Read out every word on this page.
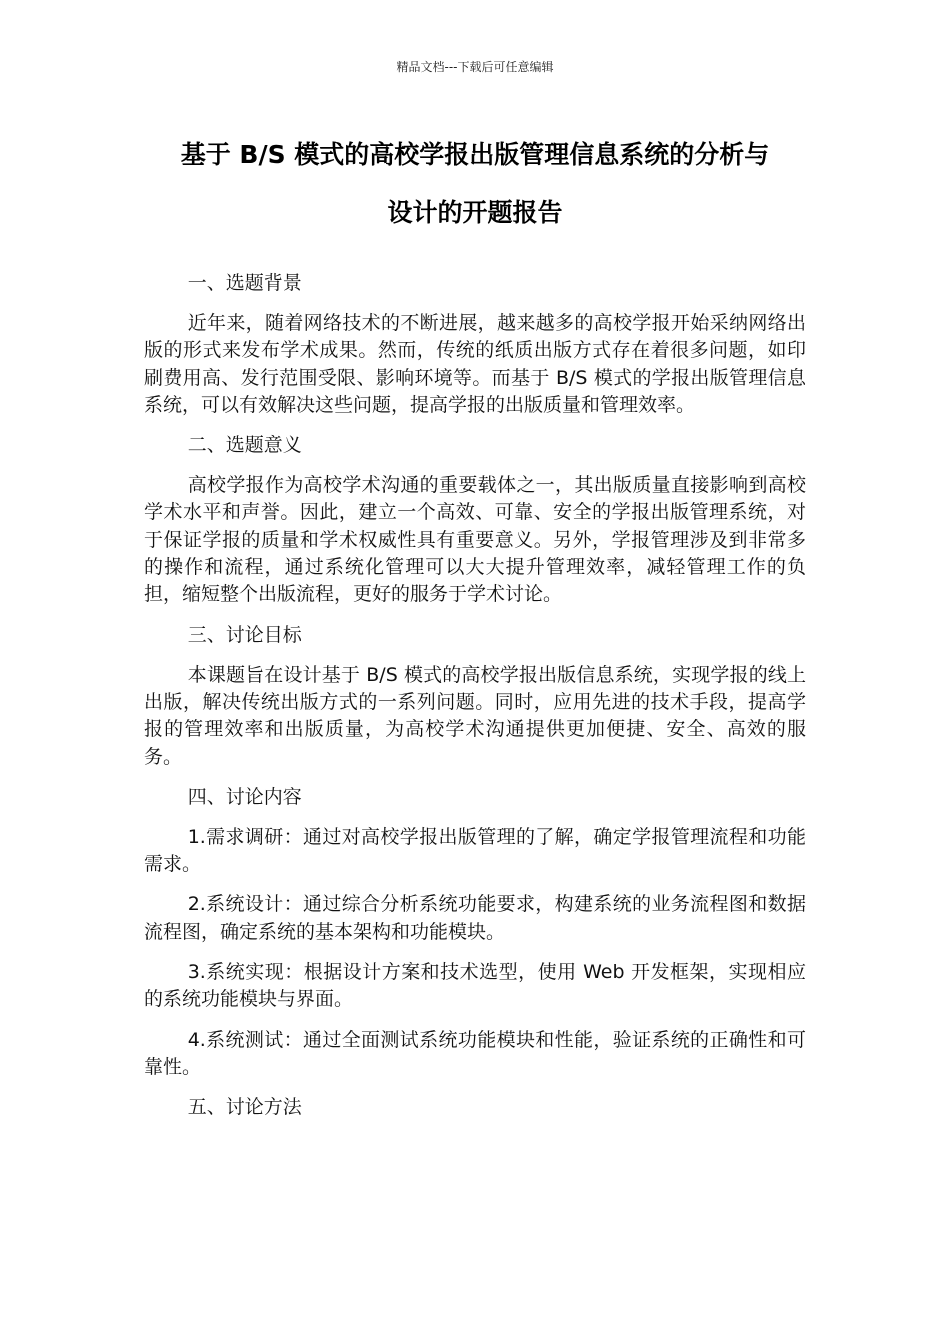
精品文档---下载后可任意编辑
基于 B/S 模式的高校学报出版管理信息系统的分析与
设计的开题报告
一、选题背景
近年来，随着网络技术的不断进展，越来越多的高校学报开始采纳网络出版的形式来发布学术成果。然而，传统的纸质出版方式存在着很多问题，如印刷费用高、发行范围受限、影响环境等。而基于 B/S 模式的学报出版管理信息系统，可以有效解决这些问题，提高学报的出版质量和管理效率。
二、选题意义
高校学报作为高校学术沟通的重要载体之一，其出版质量直接影响到高校学术水平和声誉。因此，建立一个高效、可靠、安全的学报出版管理系统，对于保证学报的质量和学术权威性具有重要意义。另外，学报管理涉及到非常多的操作和流程，通过系统化管理可以大大提升管理效率，减轻管理工作的负担，缩短整个出版流程，更好的服务于学术讨论。
三、讨论目标
本课题旨在设计基于 B/S 模式的高校学报出版信息系统，实现学报的线上出版，解决传统出版方式的一系列问题。同时，应用先进的技术手段，提高学报的管理效率和出版质量，为高校学术沟通提供更加便捷、安全、高效的服务。
四、讨论内容
1.需求调研：通过对高校学报出版管理的了解，确定学报管理流程和功能需求。
2.系统设计：通过综合分析系统功能要求，构建系统的业务流程图和数据流程图，确定系统的基本架构和功能模块。
3.系统实现：根据设计方案和技术选型，使用 Web 开发框架，实现相应的系统功能模块与界面。
4.系统测试：通过全面测试系统功能模块和性能，验证系统的正确性和可靠性。
五、讨论方法
